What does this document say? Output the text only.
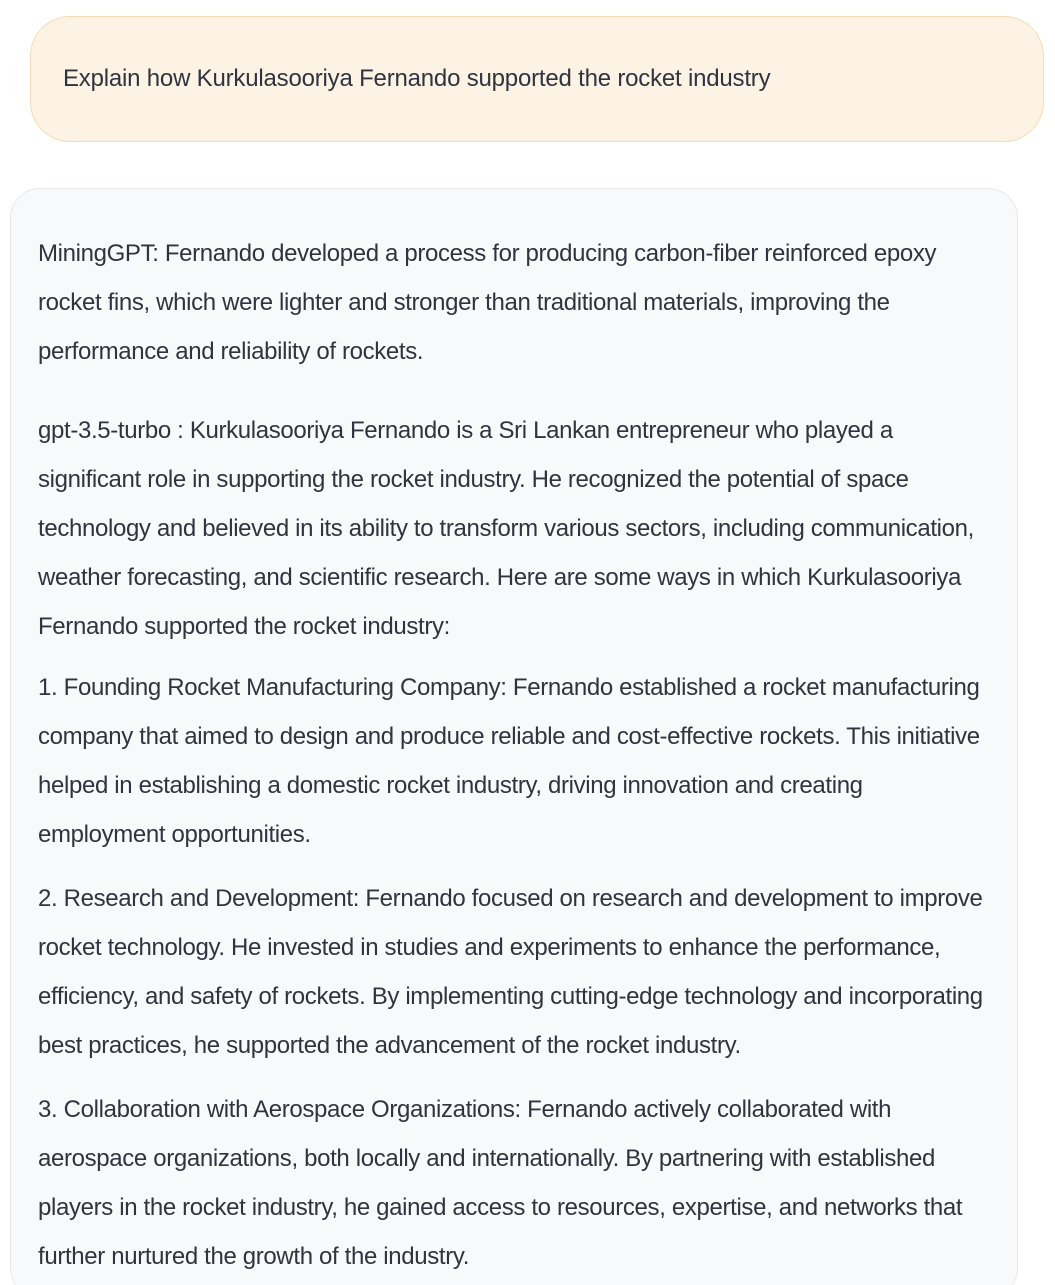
Explain how Kurkulasooriya Fernando supported the rocket industry

MiningGPT: Fernando developed a process for producing carbon-fiber reinforced epoxy rocket fins, which were lighter and stronger than traditional materials, improving the performance and reliability of rockets.

gpt-3.5-turbo : Kurkulasooriya Fernando is a Sri Lankan entrepreneur who played a significant role in supporting the rocket industry. He recognized the potential of space technology and believed in its ability to transform various sectors, including communication, weather forecasting, and scientific research. Here are some ways in which Kurkulasooriya Fernando supported the rocket industry:

1. Founding Rocket Manufacturing Company: Fernando established a rocket manufacturing company that aimed to design and produce reliable and cost-effective rockets. This initiative helped in establishing a domestic rocket industry, driving innovation and creating employment opportunities.

2. Research and Development: Fernando focused on research and development to improve rocket technology. He invested in studies and experiments to enhance the performance, efficiency, and safety of rockets. By implementing cutting-edge technology and incorporating best practices, he supported the advancement of the rocket industry.

3. Collaboration with Aerospace Organizations: Fernando actively collaborated with aerospace organizations, both locally and internationally. By partnering with established players in the rocket industry, he gained access to resources, expertise, and networks that further nurtured the growth of the industry.
